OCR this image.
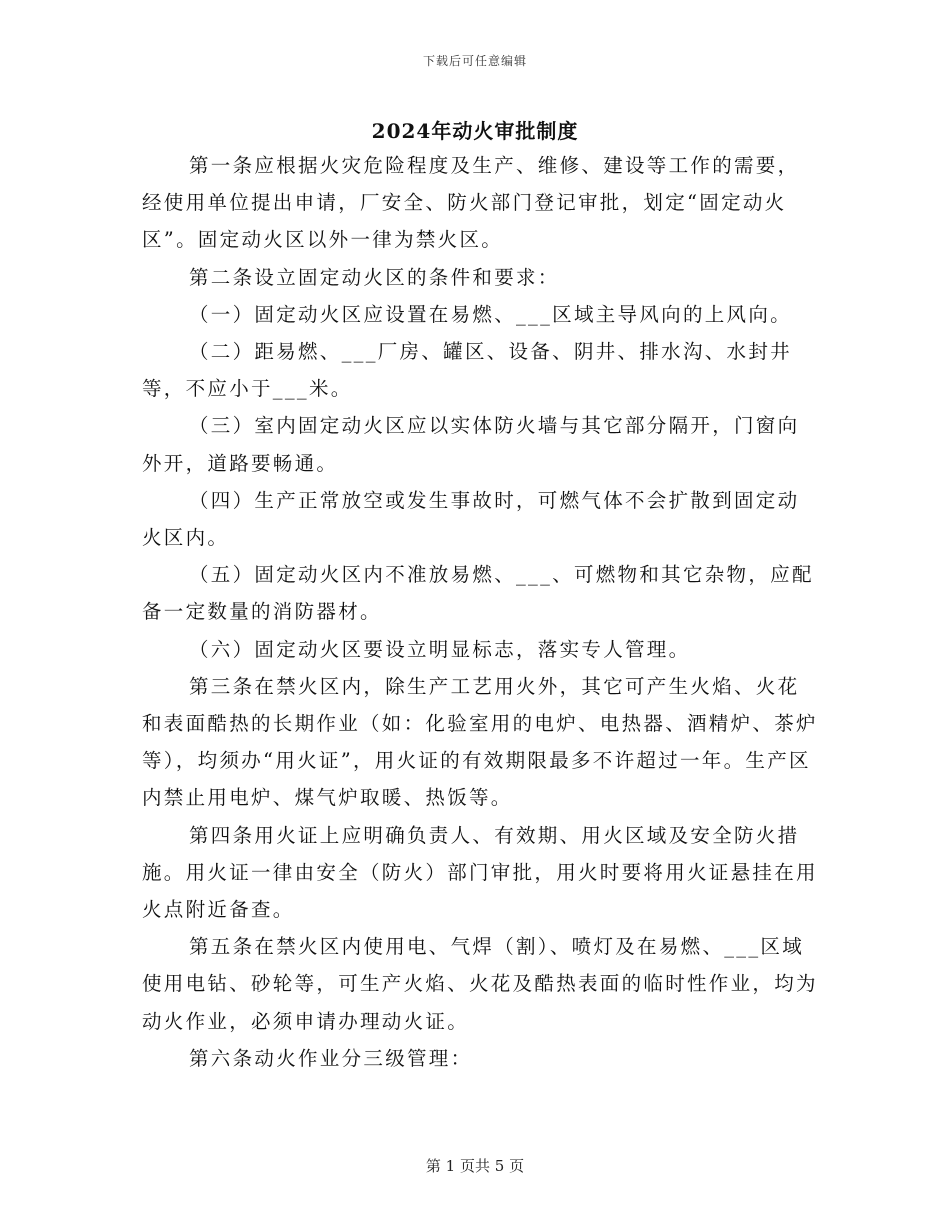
下载后可任意编辑
2024年动火审批制度

第一条应根据火灾危险程度及生产、维修、建设等工作的需要，经使用单位提出申请，厂安全、防火部门登记审批，划定“固定动火区”。固定动火区以外一律为禁火区。

第二条设立固定动火区的条件和要求：

（一）固定动火区应设置在易燃、___区域主导风向的上风向。

（二）距易燃、___厂房、罐区、设备、阴井、排水沟、水封井等，不应小于___米。

（三）室内固定动火区应以实体防火墙与其它部分隔开，门窗向外开，道路要畅通。

（四）生产正常放空或发生事故时，可燃气体不会扩散到固定动火区内。

（五）固定动火区内不准放易燃、___、可燃物和其它杂物，应配备一定数量的消防器材。

（六）固定动火区要设立明显标志，落实专人管理。

第三条在禁火区内，除生产工艺用火外，其它可产生火焰、火花和表面酷热的长期作业（如：化验室用的电炉、电热器、酒精炉、茶炉等），均须办“用火证”，用火证的有效期限最多不许超过一年。生产区内禁止用电炉、煤气炉取暖、热饭等。

第四条用火证上应明确负责人、有效期、用火区域及安全防火措施。用火证一律由安全（防火）部门审批，用火时要将用火证悬挂在用火点附近备查。

第五条在禁火区内使用电、气焊（割）、喷灯及在易燃、___区域使用电钻、砂轮等，可生产火焰、火花及酷热表面的临时性作业，均为动火作业，必须申请办理动火证。

第六条动火作业分三级管理：

第 1 页共 5 页
